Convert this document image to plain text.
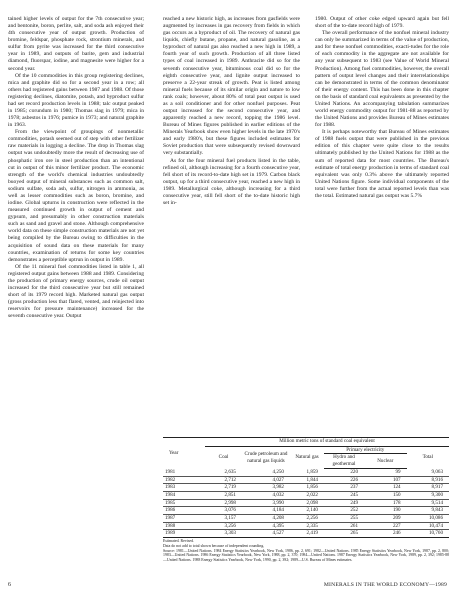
tained higher levels of output for the 7th consecutive year; and bentonite, boron, perlite, salt, and soda ash enjoyed their 4th consecutive year of output growth. Production of bromine, feldspar, phosphate rock, strontium minerals, and sulfur from pyrite was increased for the third consecutive year in 1989, and outputs of barite, gem and industrial diamond, fluorspar, iodine, and magnesite were higher for a second year.

Of the 10 commodities in this group registering declines, mica and graphite did so for a second year in a row; all others had registered gains between 1987 and 1988. Of those registering declines, diatomite, potash, and byproduct sulfur had set record production levels in 1988; talc output peaked in 1985; corundum in 1980; Thomas slag in 1979; mica in 1978; asbestos in 1976; pumice in 1973; and natural graphite in 1963.

From the viewpoint of groupings of nonmetallic commodities, potash seemed out of step with other fertilizer raw materials in logging a decline. The drop in Thomas slag output was undoubtedly more the result of decreasing use of phosphatic iron ore in steel production than an intentional cut in output of this minor fertilizer product. The economic strength of the world's chemical industries undoubtedly buoyed output of mineral substances such as common salt, sodium sulfate, soda ash, sulfur, nitrogen in ammonia, as well as lesser commodities such as boron, bromine, and iodine. Global upturns in construction were reflected in the measured continued growth in output of cement and gypsum, and presumably in other construction materials such as sand and gravel and stone. Although comprehensive world data on these simple construction materials are not yet being compiled by the Bureau owing to difficulties in the acquisition of sound data on these materials for many countries, examination of returns for some key countries demonstrates a perceptible uptrun in output in 1989.

Of the 11 mineral fuel commodities listed in table 1, all registered output gains between 1988 and 1989. Considering the production of primary energy sources, crude oil output increased for the third consecutive year but still remained short of its 1979 record high. Marketed natural gas output (gross production less that flared, vented, and reinjected into reservoirs for pressure maintenance) increased for the seventh consecutive year. Output

reached a new historic high, as increases from gasfields were augmented by increases in gas recovery from fields in which gas occurs as a byproduct of oil. The recovery of natural gas liquids, chiefly butane, propane, and natural gasoline, as a byproduct of natural gas also reached a new high in 1989, a fourth year of such growth. Production of all three listed types of coal increased in 1989. Anthracite did so for the seventh consecutive year, bituminous coal did so for the eighth consecutive year, and lignite output increased to preserve a 22-year streak of growth. Peat is listed among mineral fuels because of its similar origin and nature to low rank coals; however, about 80% of total peat output is used as a soil conditioner and for other nonfuel purposes. Peat output increased for the second consecutive year, and apparently reached a new record, topping the 1986 level. Bureau of Mines figures published in earlier editions of the Minerals Yearbook show even higher levels in the late 1970's and early 1980's, but these figures included estimates for Soviet production that were subsequently revised downward very substantially.

As for the four mineral fuel products listed in the table, refined oil, although increasing for a fourth consecutive year, fell short of its record-to-date high set in 1979. Carbon black output, up for a third consecutive year, reached a new high in 1989. Metallurgical coke, although increasing for a third consecutive year, still fell short of the to-date historic high set in-

1980. Output of other coke edged upward again but fell short of the to-date record high of 1979.

The overall performance of the nonfuel mineral industry can only be summarized in terms of the value of production, and for these nonfuel commodities, exacti-tudes for the role of each commodity in the aggregate are not available for any year subsequent to 1983 (see Value of World Mineral Production). Among fuel commodities, however, the overall pattern of output level changes and their interrelationships can be demonstrated in terms of the common denominator of their energy content. This has been done in this chapter on the basis of standard coal equivalents as presented by the United Nations. An accompanying tabulation summarizes world energy commodity output for 1981-88 as reported by the United Nations and provides Bureau of Mines estimates for 1988.

It is perhaps noteworthy that Bureau of Mines estimates of 1988 fuels output that were published in the previous edition of this chapter were quite close to the results ultimately published by the United Nations for 1988 as the sum of reported data for most countries. The Bureau's estimate of total energy production in terms of standard coal equivalent was only 0.3% above the ultimately reported United Nations figure. Some individual components of the total were further from the actual reported levels than was the total. Estimated natural gas output was 5.7%

Year	Million metric tons of standard coal equivalent					
	Coal	Crude petroleum and natural gas liquids	Natural gas	Primary electricity		Total
				Hydro and geothermal	Nuclear	
1981	2,635	4,250	1,859	220	99	9,063
1982	2,712	4,027	1,844	226	107	8,916
1983	2,719	3,982	1,856	237	124	8,917
1984	2,851	4,032	2,022	245	150	9,300
1985	2,998	3,990	2,098	249	178	9,514
1986	3,076	4,184	2,140	252	190	9,843
1987	3,157	4,208	2,256	255	209	10,086
1988	3,256	4,395	2,335	261	227	10,474
1989	3,303	4,527	2,419	265	246	10,760
Estimated. Revised.
Data do not add to total shown because of independent rounding.
Source: 1981—United Nations. 1984 Energy Statistics Yearbook, New York, 1986, pp. 2, 691; 1982—United Nations. 1985 Energy Statistics Yearbook, New York, 1987, pp. 2, 800; 1983—United Nations. 1986 Energy Statistics Yearbook, New York, 1988, pp. 2, 370; 1984—United Nations. 1987 Energy Statistics Yearbook, New York, 1989, pp. 2, 392; 1985-88—United Nations. 1988 Energy Statistics Yearbook, New York, 1990, pp. 2, 392; 1989—U.S. Bureau of Mines estimates.
6	MINERALS IN THE WORLD ECONOMY—1989
